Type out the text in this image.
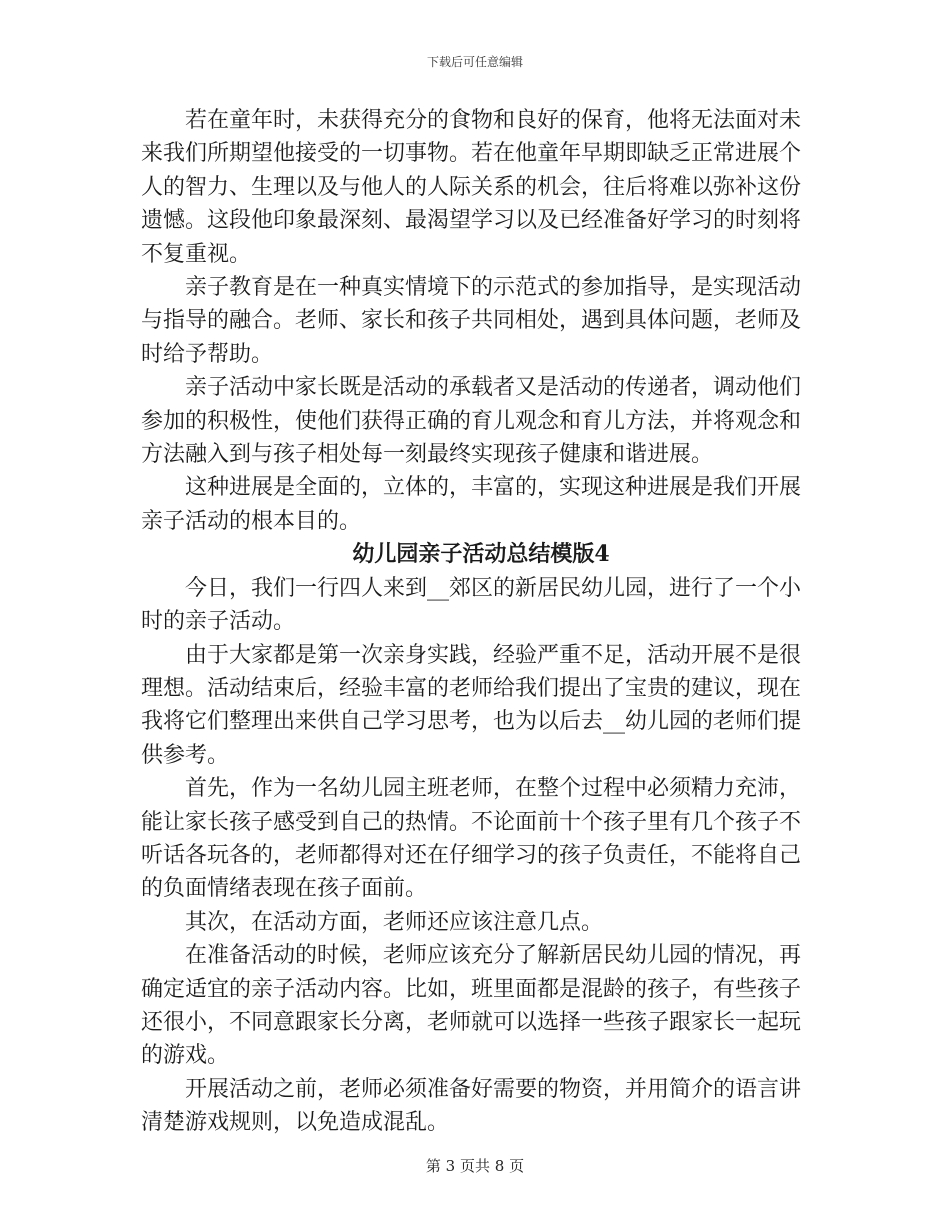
下载后可任意编辑

若在童年时，未获得充分的食物和良好的保育，他将无法面对未来我们所期望他接受的一切事物。若在他童年早期即缺乏正常进展个人的智力、生理以及与他人的人际关系的机会，往后将难以弥补这份遗憾。这段他印象最深刻、最渴望学习以及已经准备好学习的时刻将不复重视。

亲子教育是在一种真实情境下的示范式的参加指导，是实现活动与指导的融合。老师、家长和孩子共同相处，遇到具体问题，老师及时给予帮助。

亲子活动中家长既是活动的承载者又是活动的传递者，调动他们参加的积极性，使他们获得正确的育儿观念和育儿方法，并将观念和方法融入到与孩子相处每一刻最终实现孩子健康和谐进展。

这种进展是全面的，立体的，丰富的，实现这种进展是我们开展亲子活动的根本目的。

幼儿园亲子活动总结模版4

今日，我们一行四人来到__郊区的新居民幼儿园，进行了一个小时的亲子活动。

由于大家都是第一次亲身实践，经验严重不足，活动开展不是很理想。活动结束后，经验丰富的老师给我们提出了宝贵的建议，现在我将它们整理出来供自己学习思考，也为以后去__幼儿园的老师们提供参考。

首先，作为一名幼儿园主班老师，在整个过程中必须精力充沛，能让家长孩子感受到自己的热情。不论面前十个孩子里有几个孩子不听话各玩各的，老师都得对还在仔细学习的孩子负责任，不能将自己的负面情绪表现在孩子面前。

其次，在活动方面，老师还应该注意几点。

在准备活动的时候，老师应该充分了解新居民幼儿园的情况，再确定适宜的亲子活动内容。比如，班里面都是混龄的孩子，有些孩子还很小，不同意跟家长分离，老师就可以选择一些孩子跟家长一起玩的游戏。

开展活动之前，老师必须准备好需要的物资，并用简介的语言讲清楚游戏规则，以免造成混乱。

第 3 页共 8 页
